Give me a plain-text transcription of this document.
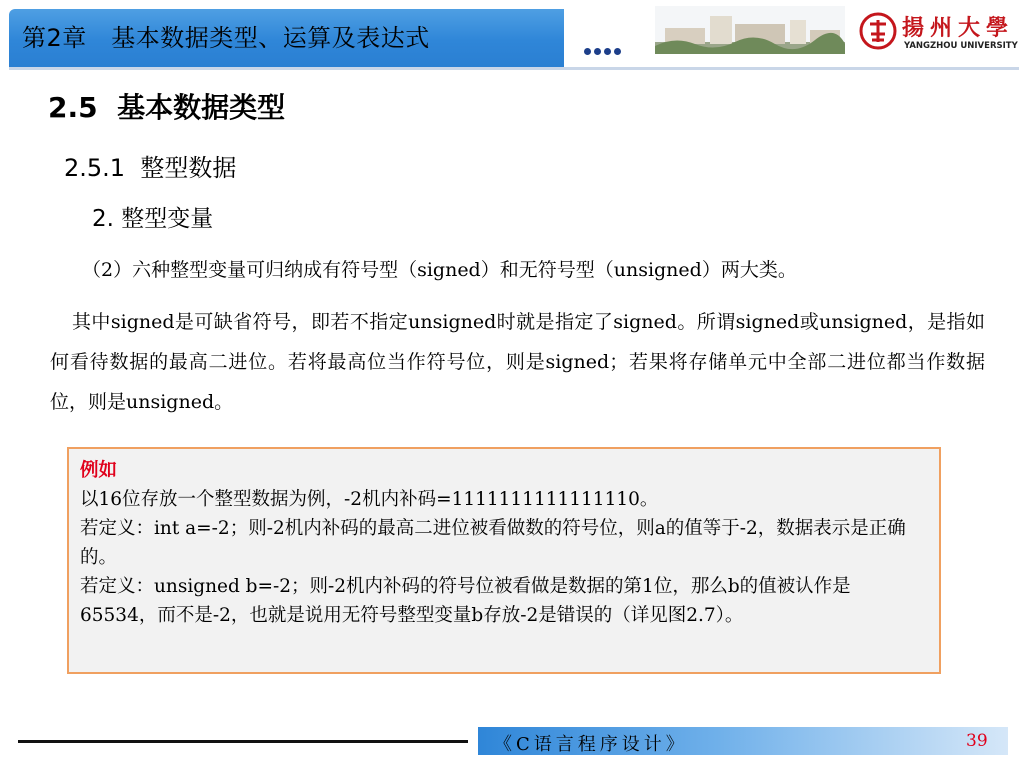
第2章　基本数据类型、运算及表达式	揚州大學
YANGZHOU UNIVERSITY
2.5  基本数据类型
2.5.1  整型数据
2. 整型变量
（2）六种整型变量可归纳成有符号型（signed）和无符号型（unsigned）两大类。
其中signed是可缺省符号，即若不指定unsigned时就是指定了signed。所谓signed或unsigned，是指如何看待数据的最高二进位。若将最高位当作符号位，则是signed；若果将存储单元中全部二进位都当作数据位，则是unsigned。
例如
以16位存放一个整型数据为例，-2机内补码=1111111111111110。
若定义：int a=-2；则-2机内补码的最高二进位被看做数的符号位，则a的值等于-2，数据表示是正确的。
若定义：unsigned b=-2；则-2机内补码的符号位被看做是数据的第1位，那么b的值被认作是65534，而不是-2，也就是说用无符号整型变量b存放-2是错误的（详见图2.7）。
《C语言程序设计》	39
